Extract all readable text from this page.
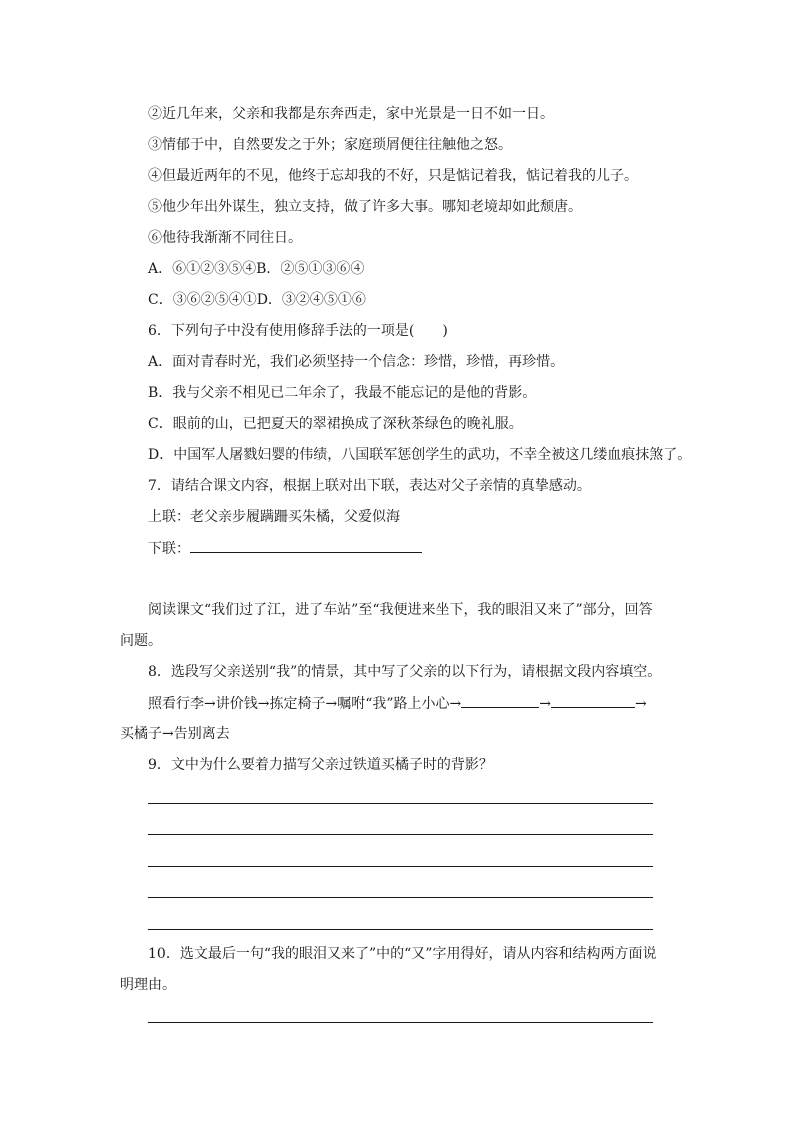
②近几年来，父亲和我都是东奔西走，家中光景是一日不如一日。
③情郁于中，自然要发之于外；家庭琐屑便往往触他之怒。
④但最近两年的不见，他终于忘却我的不好，只是惦记着我，惦记着我的儿子。
⑤他少年出外谋生，独立支持，做了许多大事。哪知老境却如此颓唐。
⑥他待我渐渐不同往日。
A．⑥①②③⑤④B．②⑤①③⑥④
C．③⑥②⑤④①D．③②④⑤①⑥
6．下列句子中没有使用修辞手法的一项是(　　)
A．面对青春时光，我们必须坚持一个信念：珍惜，珍惜，再珍惜。
B．我与父亲不相见已二年余了，我最不能忘记的是他的背影。
C．眼前的山，已把夏天的翠裙换成了深秋茶绿色的晚礼服。
D．中国军人屠戮妇婴的伟绩，八国联军惩创学生的武功，不幸全被这几缕血痕抹煞了。
7．请结合课文内容，根据上联对出下联，表达对父子亲情的真挚感动。
上联：老父亲步履蹒跚买朱橘，父爱似海
下联：
阅读课文“我们过了江，进了车站”至“我便进来坐下，我的眼泪又来了”部分，回答
问题。
8．选段写父亲送别“我”的情景，其中写了父亲的以下行为，请根据文段内容填空。
照看行李→讲价钱→拣定椅子→嘱咐“我”路上小心→	→	→
买橘子→告别离去
9．文中为什么要着力描写父亲过铁道买橘子时的背影？
10．选文最后一句“我的眼泪又来了”中的“又”字用得好，请从内容和结构两方面说
明理由。
